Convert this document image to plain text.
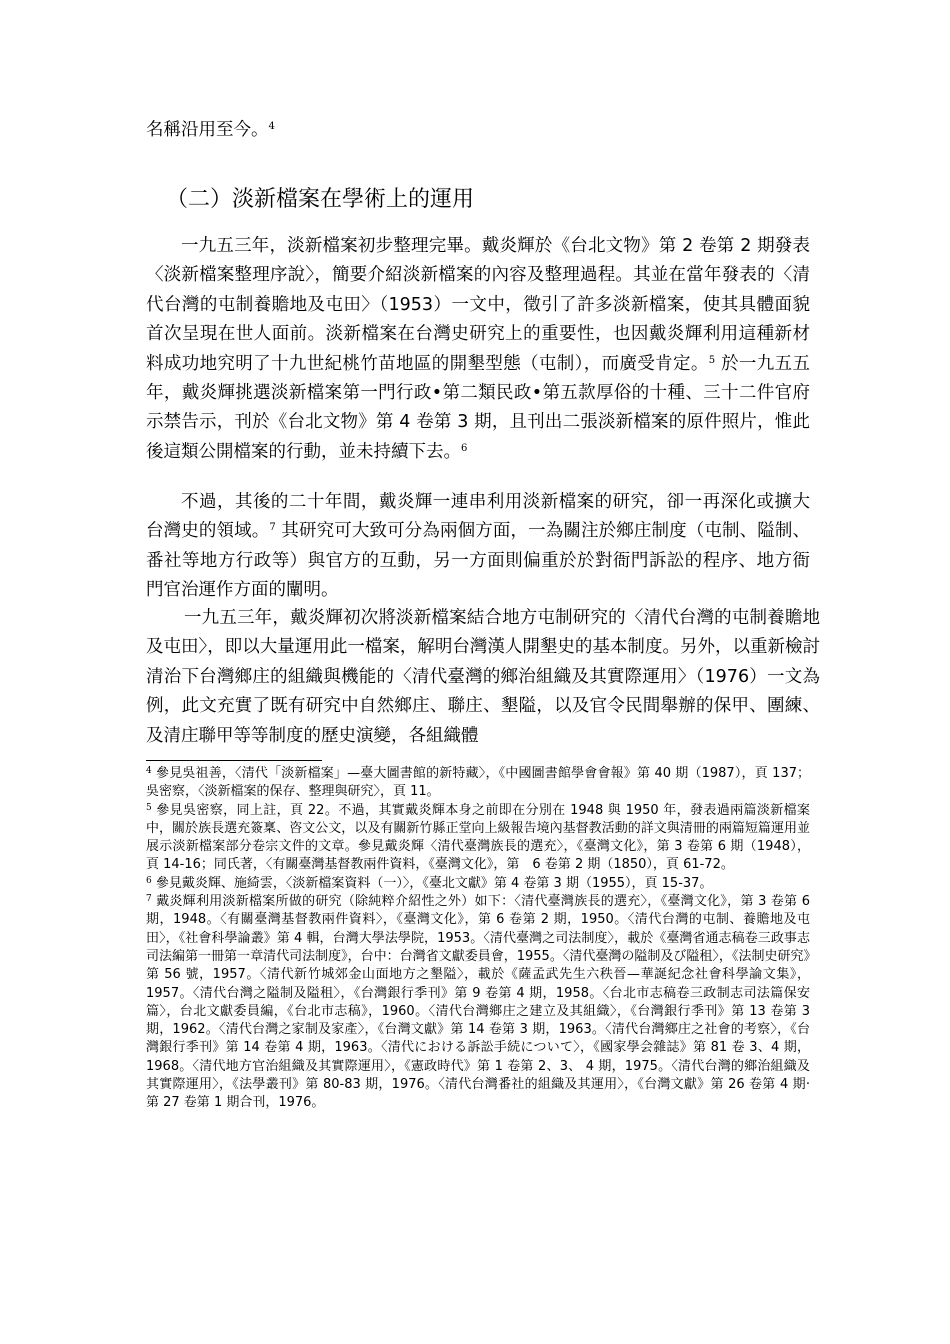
名稱沿用至今。$^4$

（二）淡新檔案在學術上的運用

一九五三年，淡新檔案初步整理完畢。戴炎輝於《台北文物》第 2 卷第 2 期發表〈淡新檔案整理序說〉，簡要介紹淡新檔案的內容及整理過程。其並在當年發表的〈清代台灣的屯制養贍地及屯田〉（1953）一文中，徵引了許多淡新檔案，使其具體面貌首次呈現在世人面前。淡新檔案在台灣史研究上的重要性，也因戴炎輝利用這種新材料成功地究明了十九世紀桃竹苗地區的開墾型態（屯制），而廣受肯定。$^5$ 於一九五五年，戴炎輝挑選淡新檔案第一門行政•第二類民政•第五款厚俗的十種、三十二件官府示禁告示，刊於《台北文物》第 4 卷第 3 期，且刊出二張淡新檔案的原件照片，惟此後這類公開檔案的行動，並未持續下去。$^6$

不過，其後的二十年間，戴炎輝一連串利用淡新檔案的研究，卻一再深化或擴大台灣史的領域。$^7$ 其研究可大致可分為兩個方面，一為關注於鄉庄制度（屯制、隘制、番社等地方行政等）與官方的互動，另一方面則偏重於於對衙門訴訟的程序、地方衙門官治運作方面的闡明。

一九五三年，戴炎輝初次將淡新檔案結合地方屯制研究的〈清代台灣的屯制養贍地及屯田〉，即以大量運用此一檔案，解明台灣漢人開墾史的基本制度。另外，以重新檢討清治下台灣鄉庄的組織與機能的〈清代臺灣的鄉治組織及其實際運用〉（1976）一文為例，此文充實了既有研究中自然鄉庄、聯庄、墾隘，以及官令民間舉辦的保甲、團練、及清庄聯甲等等制度的歷史演變，各組織體

$^4$ 參見吳祖善，〈清代「淡新檔案」—臺大圖書館的新特藏〉，《中國圖書館學會會報》第 40 期（1987），頁 137；吳密察，〈淡新檔案的保存、整理與研究〉，頁 11。

$^5$ 參見吳密察，同上註，頁 22。不過，其實戴炎輝本身之前即在分別在 1948 與 1950 年，發表過兩篇淡新檔案中，關於族長選充簽稟、咨文公文，以及有關新竹縣正堂向上級報告境內基督教活動的詳文與清冊的兩篇短篇運用並展示淡新檔案部分卷宗文件的文章。參見戴炎輝〈清代臺灣族長的選充〉，《臺灣文化》，第 3 卷第 6 期（1948），頁 14-16；同氏著，〈有關臺灣基督教兩件資料，《臺灣文化》，第　6 卷第 2 期（1850），頁 61-72。

$^6$ 參見戴炎輝、施綺雲，〈淡新檔案資料（一）〉，《臺北文獻》第 4 卷第 3 期（1955），頁 15-37。

$^7$ 戴炎輝利用淡新檔案所做的研究（除純粹介紹性之外）如下：〈清代臺灣族長的選充〉，《臺灣文化》，第 3 卷第 6 期，1948。〈有關臺灣基督教兩件資料〉，《臺灣文化》，第 6 卷第 2 期，1950。〈清代台灣的屯制、養贍地及屯田〉，《社會科學論叢》第 4 輯，台灣大學法學院，1953。〈清代臺灣之司法制度〉，載於《臺灣省通志稿卷三政事志司法編第一冊第一章清代司法制度》，台中：台灣省文獻委員會，1955。〈清代臺灣の隘制及び隘租〉，《法制史研究》第 56 號，1957。〈清代新竹城郊金山面地方之墾隘〉，載於《薩孟武先生六秩晉—華誕紀念社會科學論文集》，1957。〈清代台灣之隘制及隘租〉，《台灣銀行季刊》第 9 卷第 4 期，1958。〈台北市志稿卷三政制志司法篇保安篇〉，台北文獻委員編，《台北市志稿》，1960。〈清代台灣鄉庄之建立及其組織〉，《台灣銀行季刊》第 13 卷第 3 期，1962。〈清代台灣之家制及家產〉，《台灣文獻》第 14 卷第 3 期，1963。〈清代台灣鄉庄之社會的考察〉，《台灣銀行季刊》第 14 卷第 4 期，1963。〈清代における訴訟手続について〉，《國家學会雜誌》第 81 卷 3、4 期，1968。〈清代地方官治組織及其實際運用〉，《憲政時代》第 1 卷第 2、3、 4 期，1975。〈清代台灣的鄉治組織及其實際運用〉，《法學叢刊》第 80-83 期，1976。〈清代台灣番社的組織及其運用〉，《台灣文獻》第 26 卷第 4 期‧第 27 卷第 1 期合刊，1976。
